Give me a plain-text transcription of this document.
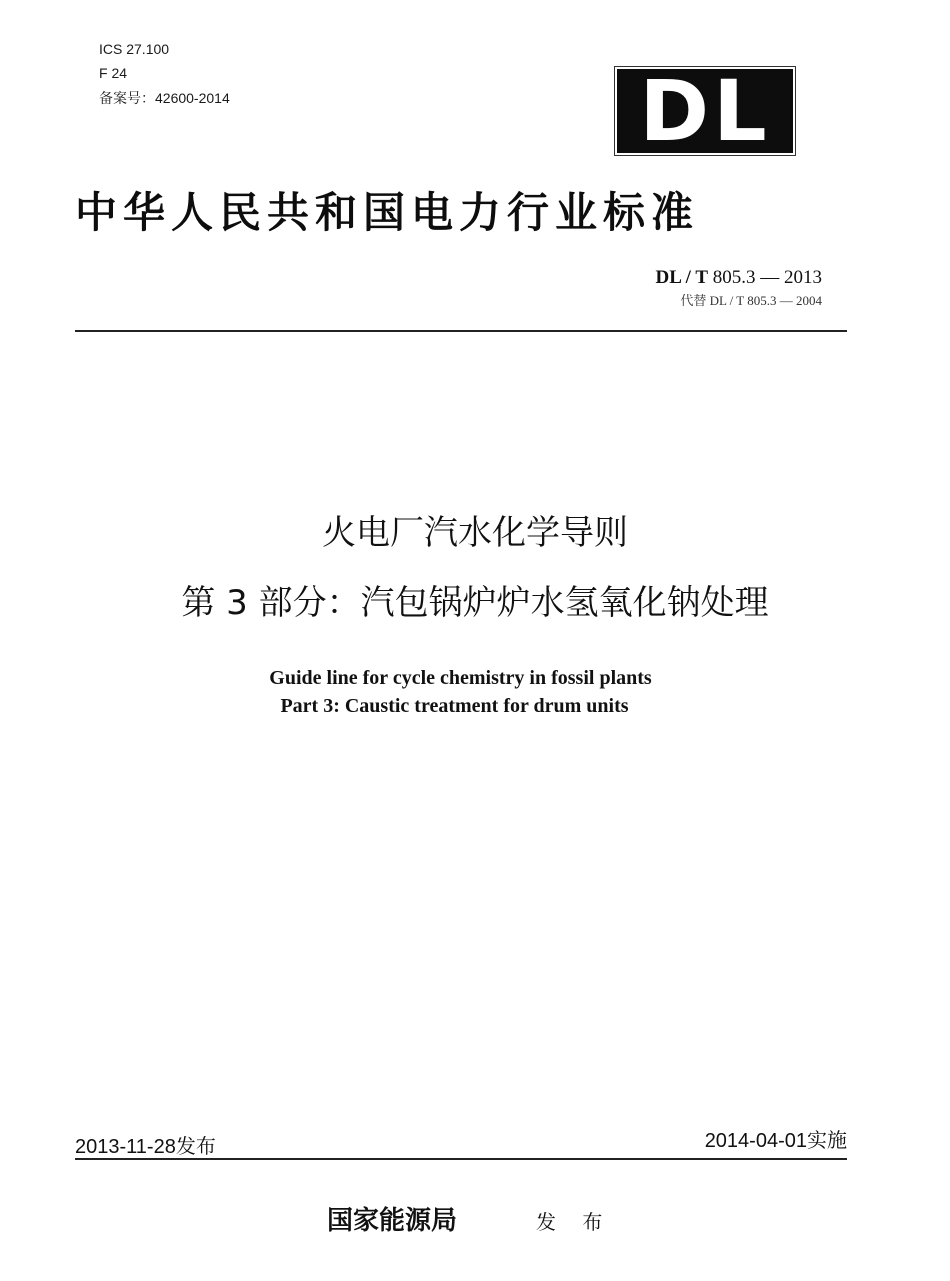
ICS 27.100
F 24
备案号：42600-2014	DL
中华人民共和国电力行业标准
DL / T 805.3 — 2013
代替 DL / T 805.3 — 2004
火电厂汽水化学导则
第 3 部分：汽包锅炉炉水氢氧化钠处理
Guide line for cycle chemistry in fossil plants
Part 3: Caustic treatment for drum units
2013-11-28发布	2014-04-01实施
国家能源局	发 布
